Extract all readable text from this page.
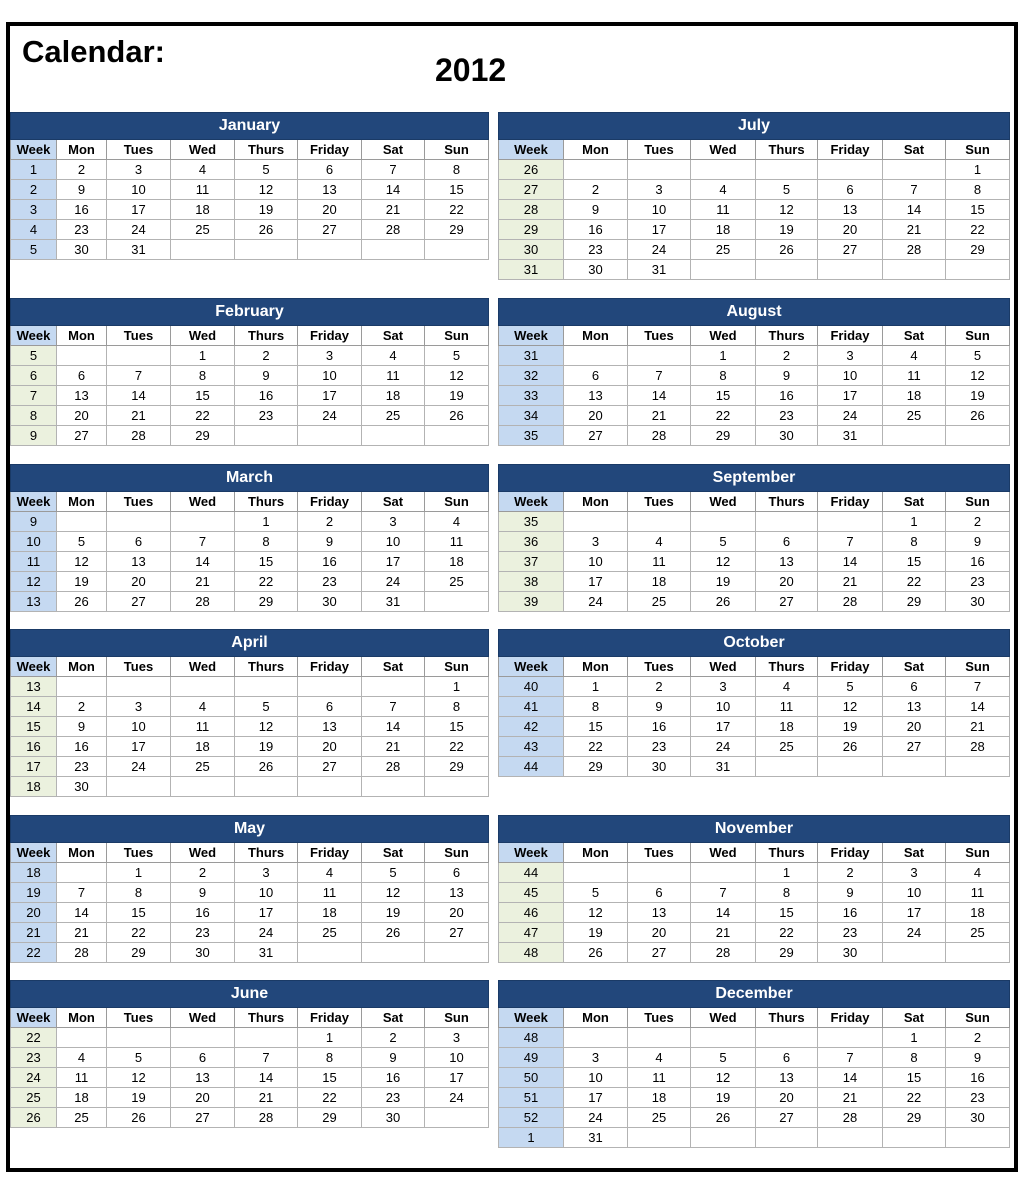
Calendar:
2012
January							
Week	Mon	Tues	Wed	Thurs	Friday	Sat	Sun
1	2	3	4	5	6	7	8
2	9	10	11	12	13	14	15
3	16	17	18	19	20	21	22
4	23	24	25	26	27	28	29
5	30	31					
July							
Week	Mon	Tues	Wed	Thurs	Friday	Sat	Sun
26							1
27	2	3	4	5	6	7	8
28	9	10	11	12	13	14	15
29	16	17	18	19	20	21	22
30	23	24	25	26	27	28	29
31	30	31					
February							
Week	Mon	Tues	Wed	Thurs	Friday	Sat	Sun
5			1	2	3	4	5
6	6	7	8	9	10	11	12
7	13	14	15	16	17	18	19
8	20	21	22	23	24	25	26
9	27	28	29				
August							
Week	Mon	Tues	Wed	Thurs	Friday	Sat	Sun
31			1	2	3	4	5
32	6	7	8	9	10	11	12
33	13	14	15	16	17	18	19
34	20	21	22	23	24	25	26
35	27	28	29	30	31		
March							
Week	Mon	Tues	Wed	Thurs	Friday	Sat	Sun
9				1	2	3	4
10	5	6	7	8	9	10	11
11	12	13	14	15	16	17	18
12	19	20	21	22	23	24	25
13	26	27	28	29	30	31	
September							
Week	Mon	Tues	Wed	Thurs	Friday	Sat	Sun
35						1	2
36	3	4	5	6	7	8	9
37	10	11	12	13	14	15	16
38	17	18	19	20	21	22	23
39	24	25	26	27	28	29	30
April							
Week	Mon	Tues	Wed	Thurs	Friday	Sat	Sun
13							1
14	2	3	4	5	6	7	8
15	9	10	11	12	13	14	15
16	16	17	18	19	20	21	22
17	23	24	25	26	27	28	29
18	30						
October							
Week	Mon	Tues	Wed	Thurs	Friday	Sat	Sun
40	1	2	3	4	5	6	7
41	8	9	10	11	12	13	14
42	15	16	17	18	19	20	21
43	22	23	24	25	26	27	28
44	29	30	31				
May							
Week	Mon	Tues	Wed	Thurs	Friday	Sat	Sun
18		1	2	3	4	5	6
19	7	8	9	10	11	12	13
20	14	15	16	17	18	19	20
21	21	22	23	24	25	26	27
22	28	29	30	31			
November							
Week	Mon	Tues	Wed	Thurs	Friday	Sat	Sun
44				1	2	3	4
45	5	6	7	8	9	10	11
46	12	13	14	15	16	17	18
47	19	20	21	22	23	24	25
48	26	27	28	29	30		
June							
Week	Mon	Tues	Wed	Thurs	Friday	Sat	Sun
22					1	2	3
23	4	5	6	7	8	9	10
24	11	12	13	14	15	16	17
25	18	19	20	21	22	23	24
26	25	26	27	28	29	30	
December							
Week	Mon	Tues	Wed	Thurs	Friday	Sat	Sun
48						1	2
49	3	4	5	6	7	8	9
50	10	11	12	13	14	15	16
51	17	18	19	20	21	22	23
52	24	25	26	27	28	29	30
1	31						
